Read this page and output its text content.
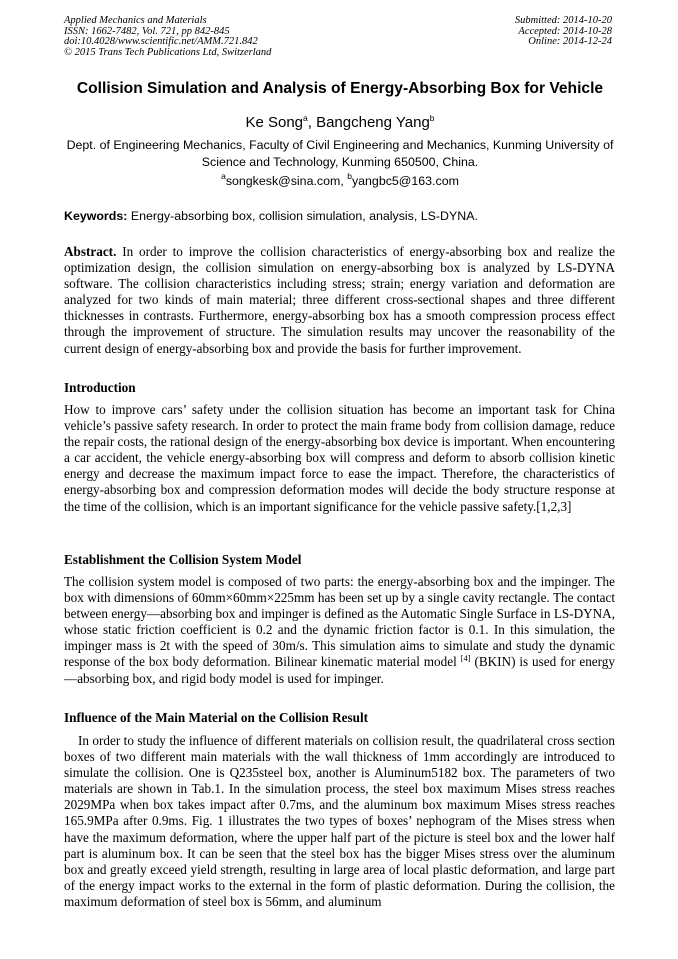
Applied Mechanics and Materials
ISSN: 1662-7482, Vol. 721, pp 842-845
doi:10.4028/www.scientific.net/AMM.721.842
© 2015 Trans Tech Publications Ltd, Switzerland
Submitted: 2014-10-20
Accepted: 2014-10-28
Online: 2014-12-24
Collision Simulation and Analysis of Energy-Absorbing Box for Vehicle
Ke Song$^a$, Bangcheng Yang$^b$
Dept. of Engineering Mechanics, Faculty of Civil Engineering and Mechanics, Kunming University of Science and Technology, Kunming 650500, China.
$^a$songkesk@sina.com, $^b$yangbc5@163.com
Keywords: Energy-absorbing box, collision simulation, analysis, LS-DYNA.
Abstract. In order to improve the collision characteristics of energy-absorbing box and realize the optimization design, the collision simulation on energy-absorbing box is analyzed by LS-DYNA software. The collision characteristics including stress; strain; energy variation and deformation are analyzed for two kinds of main material; three different cross-sectional shapes and three different thicknesses in contrasts. Furthermore, energy-absorbing box has a smooth compression process effect through the improvement of structure. The simulation results may uncover the reasonability of the current design of energy-absorbing box and provide the basis for further improvement.
Introduction
How to improve cars’ safety under the collision situation has become an important task for China vehicle’s passive safety research. In order to protect the main frame body from collision damage, reduce the repair costs, the rational design of the energy-absorbing box device is important. When encountering a car accident, the vehicle energy-absorbing box will compress and deform to absorb collision kinetic energy and decrease the maximum impact force to ease the impact. Therefore, the characteristics of energy-absorbing box and compression deformation modes will decide the body structure response at the time of the collision, which is an important significance for the vehicle passive safety.[1,2,3]
Establishment the Collision System Model
The collision system model is composed of two parts: the energy-absorbing box and the impinger. The box with dimensions of 60mm×60mm×225mm has been set up by a single cavity rectangle. The contact between energy—absorbing box and impinger is defined as the Automatic Single Surface in LS-DYNA, whose static friction coefficient is 0.2 and the dynamic friction factor is 0.1. In this simulation, the impinger mass is 2t with the speed of 30m/s. This simulation aims to simulate and study the dynamic response of the box body deformation. Bilinear kinematic material model [4] (BKIN) is used for energy—absorbing box, and rigid body model is used for impinger.
Influence of the Main Material on the Collision Result
In order to study the influence of different materials on collision result, the quadrilateral cross section boxes of two different main materials with the wall thickness of 1mm accordingly are introduced to simulate the collision. One is Q235steel box, another is Aluminum5182 box. The parameters of two materials are shown in Tab.1. In the simulation process, the steel box maximum Mises stress reaches 2029MPa when box takes impact after 0.7ms, and the aluminum box maximum Mises stress reaches 165.9MPa after 0.9ms. Fig. 1 illustrates the two types of boxes’ nephogram of the Mises stress when have the maximum deformation, where the upper half part of the picture is steel box and the lower half part is aluminum box. It can be seen that the steel box has the bigger Mises stress over the aluminum box and greatly exceed yield strength, resulting in large area of local plastic deformation, and large part of the energy impact works to the external in the form of plastic deformation. During the collision, the maximum deformation of steel box is 56mm, and aluminum
